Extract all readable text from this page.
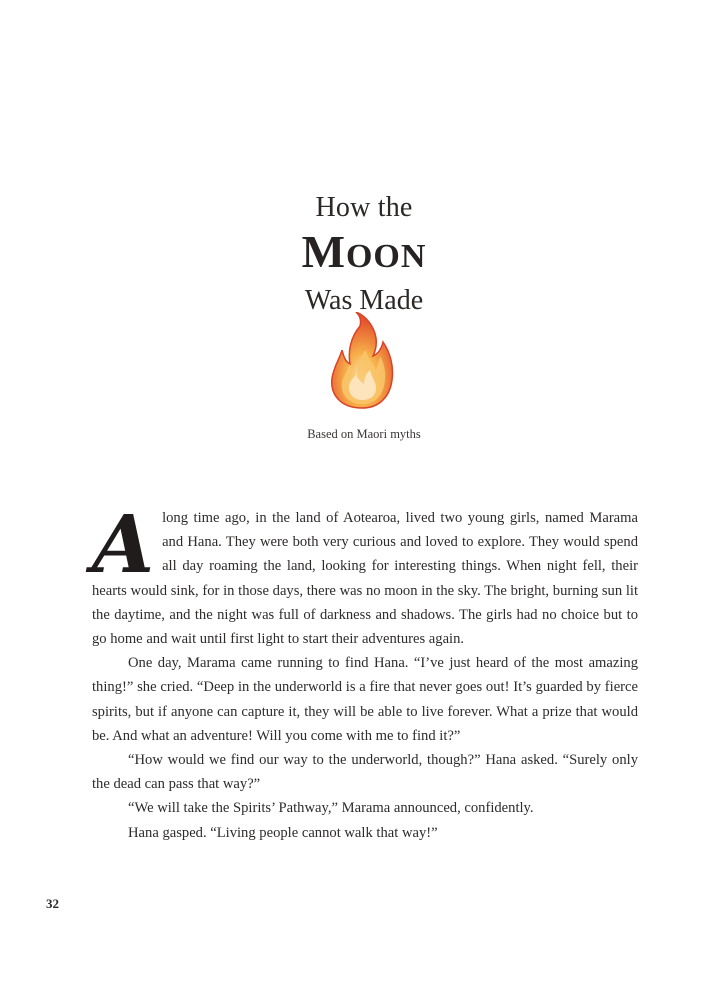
How the
MOON
Was Made
Based on Maori myths

Along time ago, in the land of Aotearoa, lived two young girls, named Marama and Hana. They were both very curious and loved to explore. They would spend all day roaming the land, looking for interesting things. When night fell, their hearts would sink, for in those days, there was no moon in the sky. The bright, burning sun lit the daytime, and the night was full of darkness and shadows. The girls had no choice but to go home and wait until first light to start their adventures again.

One day, Marama came running to find Hana. “I’ve just heard of the most amazing thing!” she cried. “Deep in the underworld is a fire that never goes out! It’s guarded by fierce spirits, but if anyone can capture it, they will be able to live forever. What a prize that would be. And what an adventure! Will you come with me to find it?”

“How would we find our way to the underworld, though?” Hana asked. “Surely only the dead can pass that way?”

“We will take the Spirits’ Pathway,” Marama announced, confidently.

Hana gasped. “Living people cannot walk that way!”

32
